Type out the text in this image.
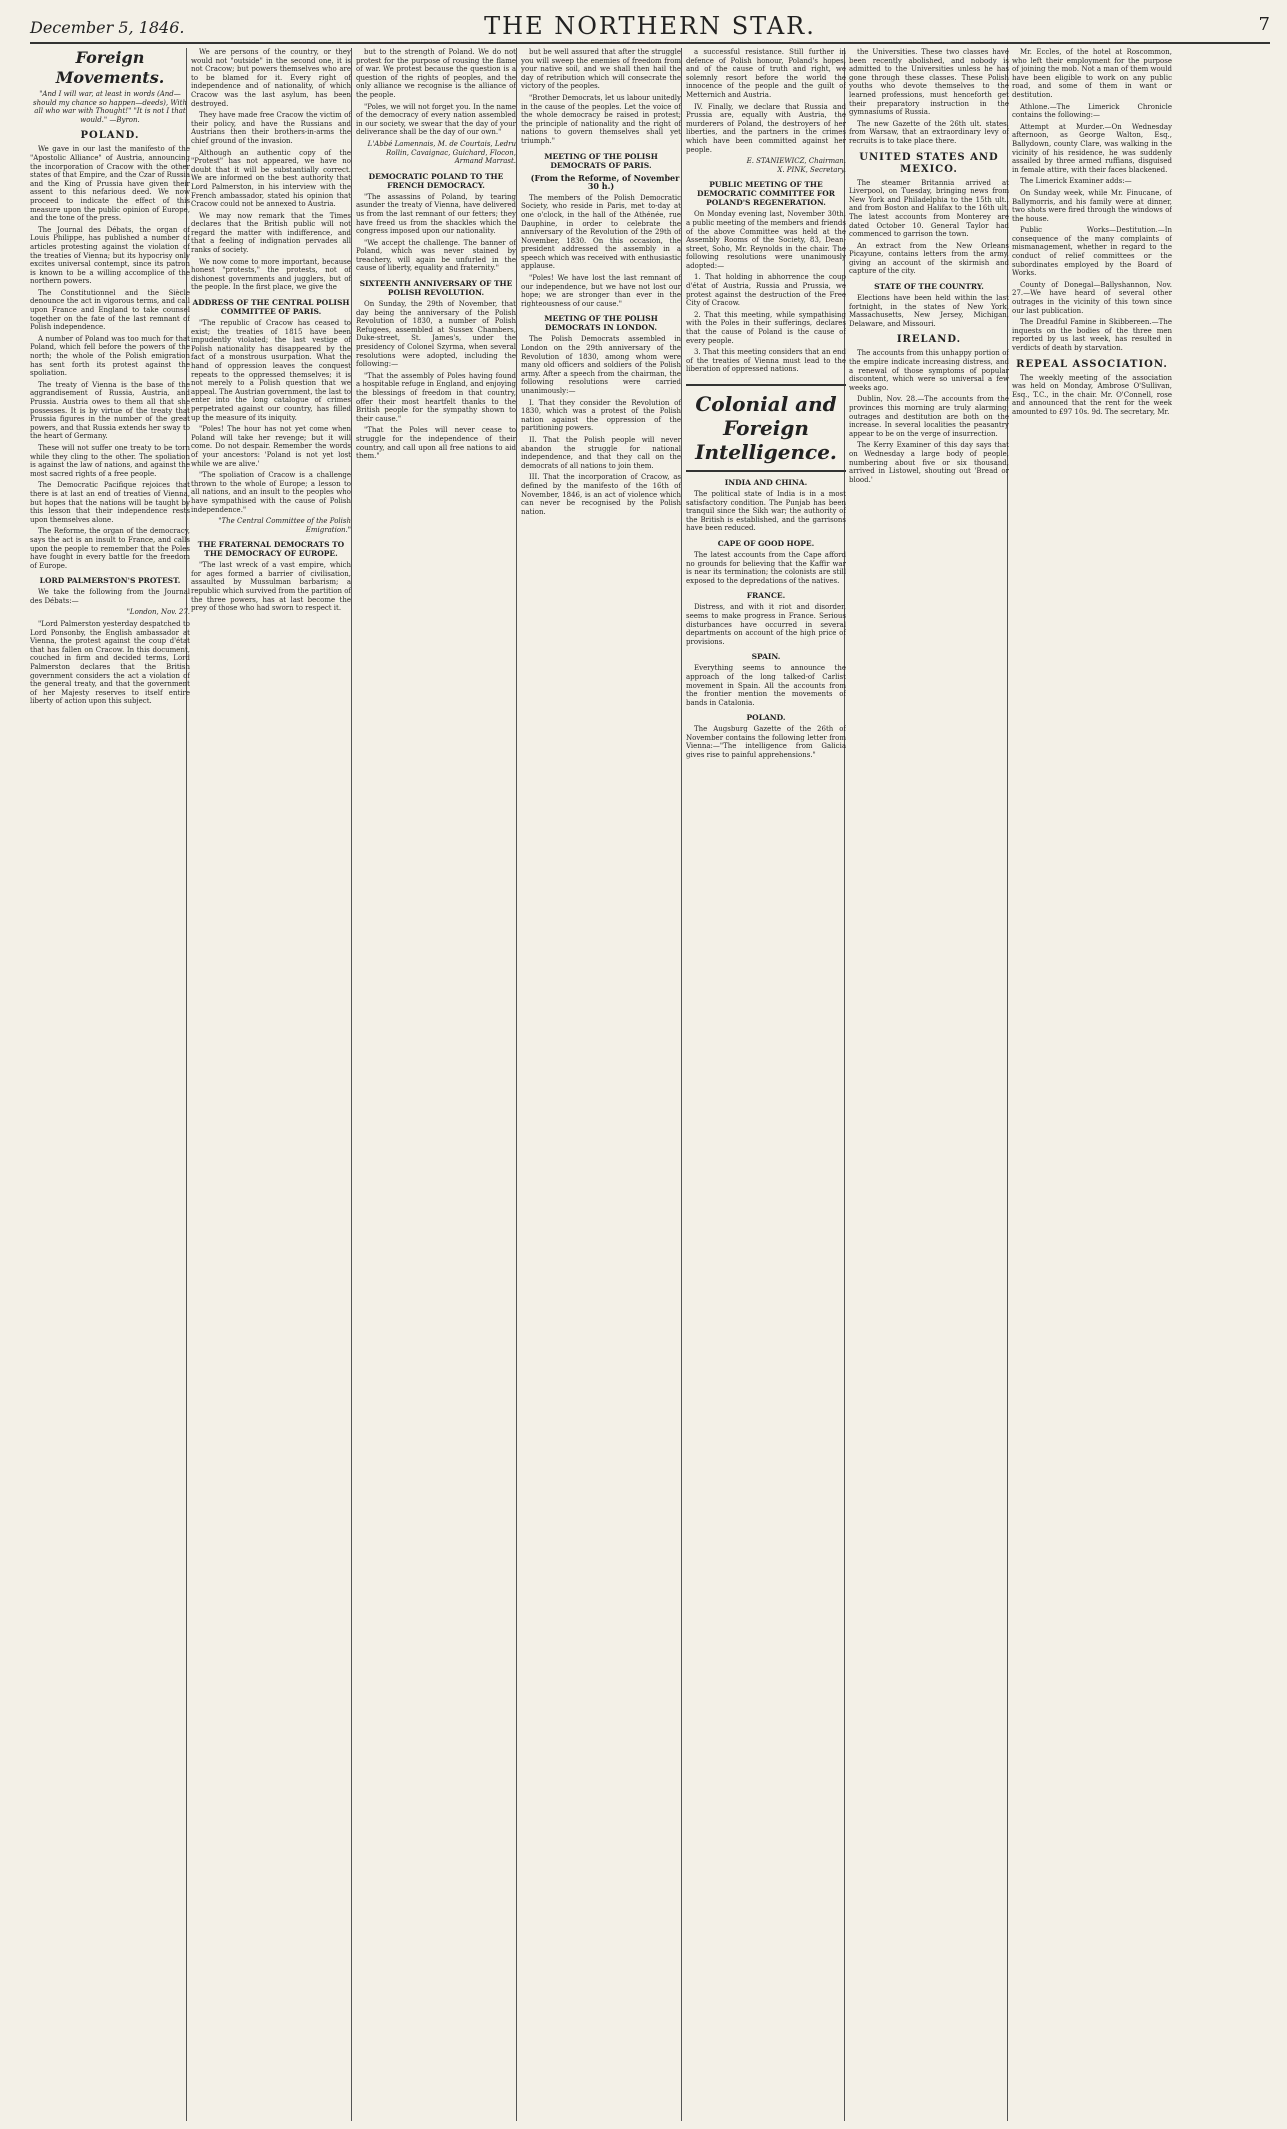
December 5, 1846.	THE NORTHERN STAR.	7
Foreign Movements.
"And I will war, at least in words (And—should my chance so happen—deeds), With all who war with Thought!" "It is not I that would." —Byron.
POLAND.

We gave in our last the manifesto of the "Apostolic Alliance" of Austria, announcing the incorporation of Cracow with the other states of that Empire, and the Czar of Russia and the King of Prussia have given their assent to this nefarious deed. We now proceed to indicate the effect of this measure upon the public opinion of Europe, and the tone of the press.

The Journal des Débats, the organ of Louis Philippe, has published a number of articles protesting against the violation of the treaties of Vienna; but its hypocrisy only excites universal contempt, since its patron is known to be a willing accomplice of the northern powers.

The Constitutionnel and the Siècle denounce the act in vigorous terms, and call upon France and England to take counsel together on the fate of the last remnant of Polish independence.

A number of Poland was too much for that Poland, which fell before the powers of the north; the whole of the Polish emigration has sent forth its protest against the spoliation.

The treaty of Vienna is the base of the aggrandisement of Russia, Austria, and Prussia. Austria owes to them all that she possesses. It is by virtue of the treaty that Prussia figures in the number of the great powers, and that Russia extends her sway to the heart of Germany.

These will not suffer one treaty to be torn while they cling to the other. The spoliation is against the law of nations, and against the most sacred rights of a free people.

The Democratic Pacifique rejoices that there is at last an end of treaties of Vienna, but hopes that the nations will be taught by this lesson that their independence rests upon themselves alone.

The Reforme, the organ of the democracy, says the act is an insult to France, and calls upon the people to remember that the Poles have fought in every battle for the freedom of Europe.

LORD PALMERSTON'S PROTEST.

We take the following from the Journal des Débats:—

"London, Nov. 27.

"Lord Palmerston yesterday despatched to Lord Ponsonby, the English ambassador at Vienna, the protest against the coup d'état that has fallen on Cracow. In this document, couched in firm and decided terms, Lord Palmerston declares that the British government considers the act a violation of the general treaty, and that the government of her Majesty reserves to itself entire liberty of action upon this subject.

We are persons of the country, or they would not "outside" in the second one, it is not Cracow; but powers themselves who are to be blamed for it. Every right of independence and of nationality, of which Cracow was the last asylum, has been destroyed.

They have made free Cracow the victim of their policy, and have the Russians and Austrians then their brothers-in-arms the chief ground of the invasion.

Although an authentic copy of the "Protest" has not appeared, we have no doubt that it will be substantially correct. We are informed on the best authority that Lord Palmerston, in his interview with the French ambassador, stated his opinion that Cracow could not be annexed to Austria.

We may now remark that the Times declares that the British public will not regard the matter with indifference, and that a feeling of indignation pervades all ranks of society.

We now come to more important, because honest "protests," the protests, not of dishonest governments and jugglers, but of the people. In the first place, we give the

ADDRESS OF THE CENTRAL POLISH COMMITTEE OF PARIS.

"The republic of Cracow has ceased to exist; the treaties of 1815 have been impudently violated; the last vestige of Polish nationality has disappeared by the fact of a monstrous usurpation. What the hand of oppression leaves the conquest repeats to the oppressed themselves; it is not merely to a Polish question that we appeal. The Austrian government, the last to enter into the long catalogue of crimes perpetrated against our country, has filled up the measure of its iniquity.

"Poles! The hour has not yet come when Poland will take her revenge; but it will come. Do not despair. Remember the words of your ancestors: 'Poland is not yet lost while we are alive.'

"The spoliation of Cracow is a challenge thrown to the whole of Europe; a lesson to all nations, and an insult to the peoples who have sympathised with the cause of Polish independence."

"The Central Committee of the Polish Emigration."

THE FRATERNAL DEMOCRATS TO THE DEMOCRACY OF EUROPE.

"The last wreck of a vast empire, which for ages formed a barrier of civilisation, assaulted by Mussulman barbarism; a republic which survived from the partition of the three powers, has at last become the prey of those who had sworn to respect it.

but to the strength of Poland. We do not protest for the purpose of rousing the flame of war. We protest because the question is a question of the rights of peoples, and the only alliance we recognise is the alliance of the people.

"Poles, we will not forget you. In the name of the democracy of every nation assembled in our society, we swear that the day of your deliverance shall be the day of our own."

L'Abbé Lamennais, M. de Courtais, Ledru Rollin, Cavaignac, Guichard, Flocon, Armand Marrast.

DEMOCRATIC POLAND TO THE FRENCH DEMOCRACY.

"The assassins of Poland, by tearing asunder the treaty of Vienna, have delivered us from the last remnant of our fetters; they have freed us from the shackles which the congress imposed upon our nationality.

"We accept the challenge. The banner of Poland, which was never stained by treachery, will again be unfurled in the cause of liberty, equality and fraternity."

SIXTEENTH ANNIVERSARY OF THE POLISH REVOLUTION.

On Sunday, the 29th of November, that day being the anniversary of the Polish Revolution of 1830, a number of Polish Refugees, assembled at Sussex Chambers, Duke-street, St. James's, under the presidency of Colonel Szyrma, when several resolutions were adopted, including the following:—

"That the assembly of Poles having found a hospitable refuge in England, and enjoying the blessings of freedom in that country, offer their most heartfelt thanks to the British people for the sympathy shown to their cause."

"That the Poles will never cease to struggle for the independence of their country, and call upon all free nations to aid them."

but be well assured that after the struggle you will sweep the enemies of freedom from your native soil, and we shall then hail the day of retribution which will consecrate the victory of the peoples.

"Brother Democrats, let us labour unitedly in the cause of the peoples. Let the voice of the whole democracy be raised in protest; the principle of nationality and the right of nations to govern themselves shall yet triumph."

MEETING OF THE POLISH DEMOCRATS OF PARIS.

(From the Reforme, of November 30 h.)

The members of the Polish Democratic Society, who reside in Paris, met to-day at one o'clock, in the hall of the Athénée, rue Dauphine, in order to celebrate the anniversary of the Revolution of the 29th of November, 1830. On this occasion, the president addressed the assembly in a speech which was received with enthusiastic applause.

"Poles! We have lost the last remnant of our independence, but we have not lost our hope; we are stronger than ever in the righteousness of our cause."

MEETING OF THE POLISH DEMOCRATS IN LONDON.

The Polish Democrats assembled in London on the 29th anniversary of the Revolution of 1830, among whom were many old officers and soldiers of the Polish army. After a speech from the chairman, the following resolutions were carried unanimously:—

I. That they consider the Revolution of 1830, which was a protest of the Polish nation against the oppression of the partitioning powers.

II. That the Polish people will never abandon the struggle for national independence, and that they call on the democrats of all nations to join them.

III. That the incorporation of Cracow, as defined by the manifesto of the 16th of November, 1846, is an act of violence which can never be recognised by the Polish nation.

a successful resistance. Still further in defence of Polish honour, Poland's hopes, and of the cause of truth and right, we solemnly resort before the world the innocence of the people and the guilt of Metternich and Austria.

IV. Finally, we declare that Russia and Prussia are, equally with Austria, the murderers of Poland, the destroyers of her liberties, and the partners in the crimes which have been committed against her people.

E. STANIEWICZ, Chairman.
X. PINK, Secretary.

PUBLIC MEETING OF THE DEMOCRATIC COMMITTEE FOR POLAND'S REGENERATION.

On Monday evening last, November 30th, a public meeting of the members and friends of the above Committee was held at the Assembly Rooms of the Society, 83, Dean-street, Soho, Mr. Reynolds in the chair. The following resolutions were unanimously adopted:—

1. That holding in abhorrence the coup d'état of Austria, Russia and Prussia, we protest against the destruction of the Free City of Cracow.

2. That this meeting, while sympathising with the Poles in their sufferings, declares that the cause of Poland is the cause of every people.

3. That this meeting considers that an end of the treaties of Vienna must lead to the liberation of oppressed nations.

Colonial and Foreign Intelligence.
INDIA AND CHINA.

The political state of India is in a most satisfactory condition. The Punjab has been tranquil since the Sikh war; the authority of the British is established, and the garrisons have been reduced.

CAPE OF GOOD HOPE.

The latest accounts from the Cape afford no grounds for believing that the Kaffir war is near its termination; the colonists are still exposed to the depredations of the natives.

FRANCE.

Distress, and with it riot and disorder, seems to make progress in France. Serious disturbances have occurred in several departments on account of the high price of provisions.

SPAIN.

Everything seems to announce the approach of the long talked-of Carlist movement in Spain. All the accounts from the frontier mention the movements of bands in Catalonia.

POLAND.

The Augsburg Gazette of the 26th of November contains the following letter from Vienna:—"The intelligence from Galicia gives rise to painful apprehensions."

the Universities. These two classes have been recently abolished, and nobody is admitted to the Universities unless he has gone through these classes. These Polish youths who devote themselves to the learned professions, must henceforth get their preparatory instruction in the gymnasiums of Russia.

The new Gazette of the 26th ult. states, from Warsaw, that an extraordinary levy of recruits is to take place there.

UNITED STATES AND MEXICO.

The steamer Britannia arrived at Liverpool, on Tuesday, bringing news from New York and Philadelphia to the 15th ult., and from Boston and Halifax to the 16th ult. The latest accounts from Monterey are dated October 10. General Taylor had commenced to garrison the town.

An extract from the New Orleans Picayune, contains letters from the army, giving an account of the skirmish and capture of the city.

STATE OF THE COUNTRY.

Elections have been held within the last fortnight, in the states of New York, Massachusetts, New Jersey, Michigan, Delaware, and Missouri.

IRELAND.

The accounts from this unhappy portion of the empire indicate increasing distress, and a renewal of those symptoms of popular discontent, which were so universal a few weeks ago.

Dublin, Nov. 28.—The accounts from the provinces this morning are truly alarming; outrages and destitution are both on the increase. In several localities the peasantry appear to be on the verge of insurrection.

The Kerry Examiner of this day says that on Wednesday a large body of people, numbering about five or six thousand, arrived in Listowel, shouting out 'Bread or blood.'

Mr. Eccles, of the hotel at Roscommon, who left their employment for the purpose of joining the mob. Not a man of them would have been eligible to work on any public road, and some of them in want or destitution.

Athlone.—The Limerick Chronicle contains the following:—

Attempt at Murder.—On Wednesday afternoon, as George Walton, Esq., Ballydown, county Clare, was walking in the vicinity of his residence, he was suddenly assailed by three armed ruffians, disguised in female attire, with their faces blackened.

The Limerick Examiner adds:—

On Sunday week, while Mr. Finucane, of Ballymorris, and his family were at dinner, two shots were fired through the windows of the house.

Public Works—Destitution.—In consequence of the many complaints of mismanagement, whether in regard to the conduct of relief committees or the subordinates employed by the Board of Works.

County of Donegal—Ballyshannon, Nov. 27.—We have heard of several other outrages in the vicinity of this town since our last publication.

The Dreadful Famine in Skibbereen.—The inquests on the bodies of the three men reported by us last week, has resulted in verdicts of death by starvation.

REPEAL ASSOCIATION.

The weekly meeting of the association was held on Monday, Ambrose O'Sullivan, Esq., T.C., in the chair. Mr. O'Connell, rose and announced that the rent for the week amounted to £97 10s. 9d. The secretary, Mr.
